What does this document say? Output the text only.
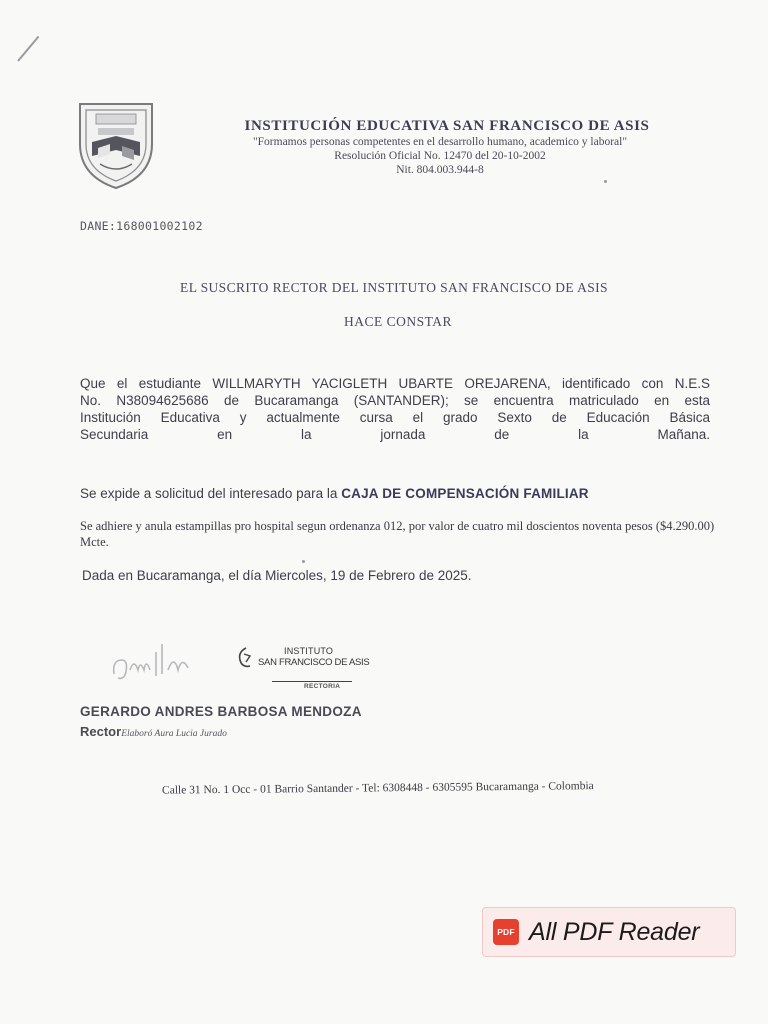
INSTITUCIÓN EDUCATIVA SAN FRANCISCO DE ASIS
"Formamos personas competentes en el desarrollo humano, academico y laboral"
Resolución Oficial No. 12470 del 20-10-2002
Nit. 804.003.944-8
DANE:168001002102
EL SUSCRITO RECTOR DEL INSTITUTO SAN FRANCISCO DE ASIS
HACE CONSTAR
Que el estudiante WILLMARYTH YACIGLETH UBARTE OREJARENA, identificado con N.E.S
No. N38094625686 de Bucaramanga (SANTANDER); se encuentra matriculado en esta
Institución Educativa y actualmente cursa el grado Sexto de Educación Básica
Secundaria en la jornada de la Mañana.
Se expide a solicitud del interesado para la CAJA DE COMPENSACIÓN FAMILIAR
Se adhiere y anula estampillas pro hospital segun ordenanza 012, por valor de cuatro mil doscientos noventa pesos ($4.290.00) Mcte.
Dada en Bucaramanga, el día Miercoles, 19 de Febrero de 2025.
INSTITUTO
SAN FRANCISCO DE ASIS
RECTORIA
GERARDO ANDRES BARBOSA MENDOZA
RectorElaboró Aura Lucia Jurado
Calle 31 No. 1 Occ - 01 Barrio Santander - Tel: 6308448 - 6305595 Bucaramanga - Colombia
PDF All PDF Reader
